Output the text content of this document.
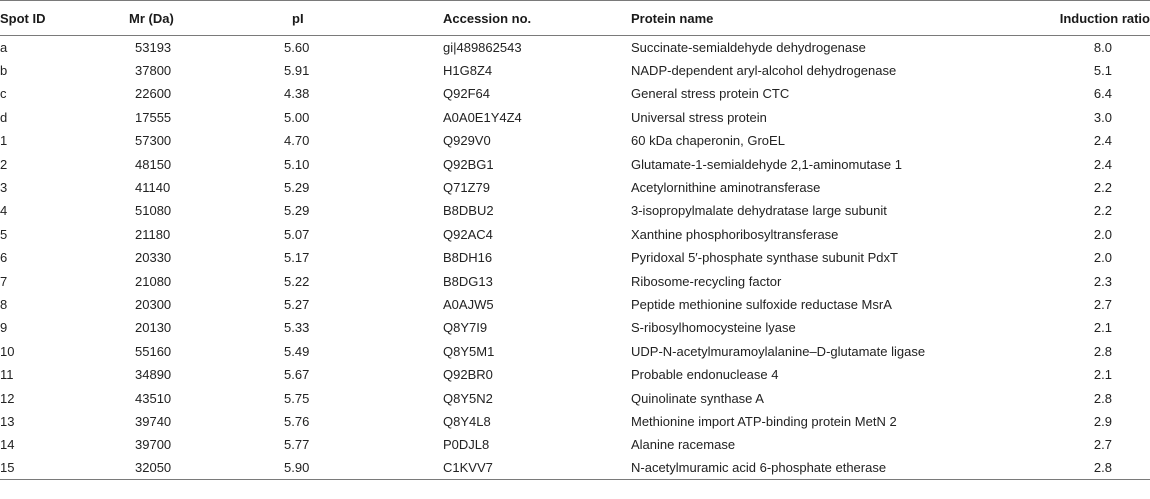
Spot ID	Mr (Da)	pI	Accession no.	Protein name	Induction ratio
a	53193	5.60	gi|489862543	Succinate-semialdehyde dehydrogenase	8.0
b	37800	5.91	H1G8Z4	NADP-dependent aryl-alcohol dehydrogenase	5.1
c	22600	4.38	Q92F64	General stress protein CTC	6.4
d	17555	5.00	A0A0E1Y4Z4	Universal stress protein	3.0
1	57300	4.70	Q929V0	60 kDa chaperonin, GroEL	2.4
2	48150	5.10	Q92BG1	Glutamate-1-semialdehyde 2,1-aminomutase 1	2.4
3	41140	5.29	Q71Z79	Acetylornithine aminotransferase	2.2
4	51080	5.29	B8DBU2	3-isopropylmalate dehydratase large subunit	2.2
5	21180	5.07	Q92AC4	Xanthine phosphoribosyltransferase	2.0
6	20330	5.17	B8DH16	Pyridoxal 5′-phosphate synthase subunit PdxT	2.0
7	21080	5.22	B8DG13	Ribosome-recycling factor	2.3
8	20300	5.27	A0AJW5	Peptide methionine sulfoxide reductase MsrA	2.7
9	20130	5.33	Q8Y7I9	S-ribosylhomocysteine lyase	2.1
10	55160	5.49	Q8Y5M1	UDP-N-acetylmuramoylalanine–D-glutamate ligase	2.8
11	34890	5.67	Q92BR0	Probable endonuclease 4	2.1
12	43510	5.75	Q8Y5N2	Quinolinate synthase A	2.8
13	39740	5.76	Q8Y4L8	Methionine import ATP-binding protein MetN 2	2.9
14	39700	5.77	P0DJL8	Alanine racemase	2.7
15	32050	5.90	C1KVV7	N-acetylmuramic acid 6-phosphate etherase	2.8
